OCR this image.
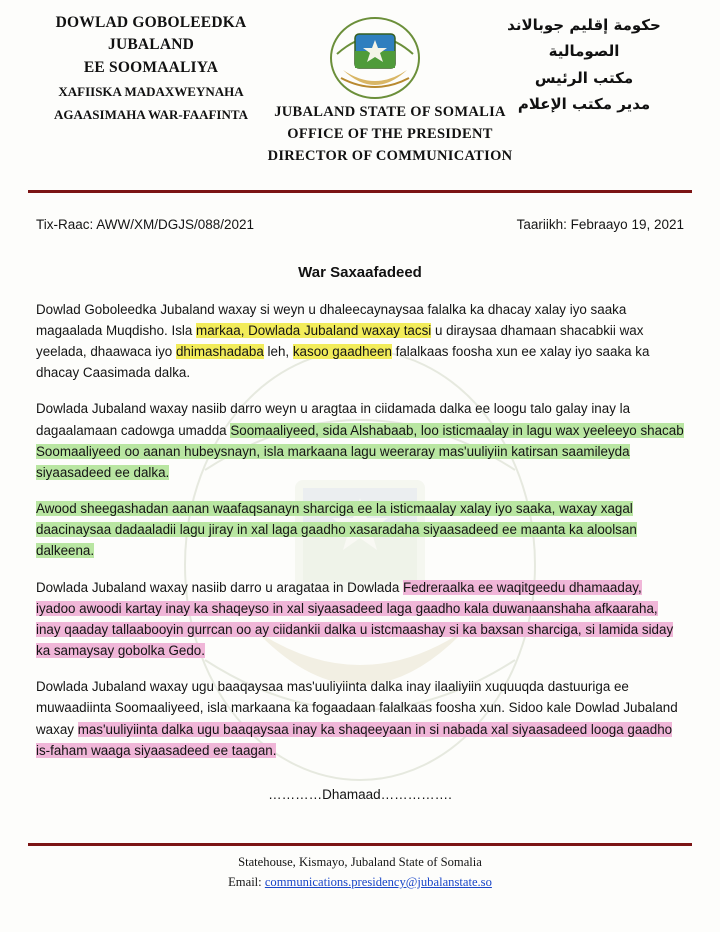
DOWLAD GOBOLEEDKA JUBALAND
EE SOOMAALIYA
XAFIISKA MADAXWEYNAHA
AGAASIMAHA WAR-FAAFINTA
حكومة إقليم جوبالاند الصومالية
مكتب الرئيس
مدير مكتب الإعلام
JUBALAND STATE OF SOMALIA
OFFICE OF THE PRESIDENT
DIRECTOR OF COMMUNICATION
Tix-Raac: AWW/XM/DGJS/088/2021	Taariikh: Febraayo 19, 2021
War Saxaafadeed

Dowlad Goboleedka Jubaland waxay si weyn u dhaleecaynaysaa falalka ka dhacay xalay iyo saaka magaalada Muqdisho. Isla markaa, Dowlada Jubaland waxay tacsi u diraysaa dhamaan shacabkii wax yeelada, dhaawaca iyo dhimashadaba leh, kasoo gaadheen falalkaas foosha xun ee xalay iyo saaka ka dhacay Caasimada dalka.

Dowlada Jubaland waxay nasiib darro weyn u aragtaa in ciidamada dalka ee loogu talo galay inay la dagaalamaan cadowga umadda Soomaaliyeed, sida Alshabaab, loo isticmaalay in lagu wax yeeleeyo shacab Soomaaliyeed oo aanan hubeysnayn, isla markaana lagu weeraray mas'uuliyiin katirsan saamileyda siyaasadeed ee dalka.

Awood sheegashadan aanan waafaqsanayn sharciga ee la isticmaalay xalay iyo saaka, waxay xagal daacinaysaa dadaaladii lagu jiray in xal laga gaadho xasaradaha siyaasadeed ee maanta ka aloolsan dalkeena.

Dowlada Jubaland waxay nasiib darro u aragataa in Dowlada Fedreraalka ee waqitgeedu dhamaaday, iyadoo awoodi kartay inay ka shaqeyso in xal siyaasadeed laga gaadho kala duwanaanshaha afkaaraha, inay qaaday tallaabooyin gurrcan oo ay ciidankii dalka u istcmaashay si ka baxsan sharciga, si lamida siday ka samaysay gobolka Gedo.

Dowlada Jubaland waxay ugu baaqaysaa mas'uuliyiinta dalka inay ilaaliyiin xuquuqda dastuuriga ee muwaadiinta Soomaaliyeed, isla markaana ka fogaadaan falalkaas foosha xun. Sidoo kale Dowlad Jubaland waxay mas'uuliyiinta dalka ugu baaqaysaa inay ka shaqeeyaan in si nabada xal siyaasadeed looga gaadho is-faham waaga siyaasadeed ee taagan.

…………Dhamaad…………….
Statehouse, Kismayo, Jubaland State of Somalia
Email: communications.presidency@jubalanstate.so
